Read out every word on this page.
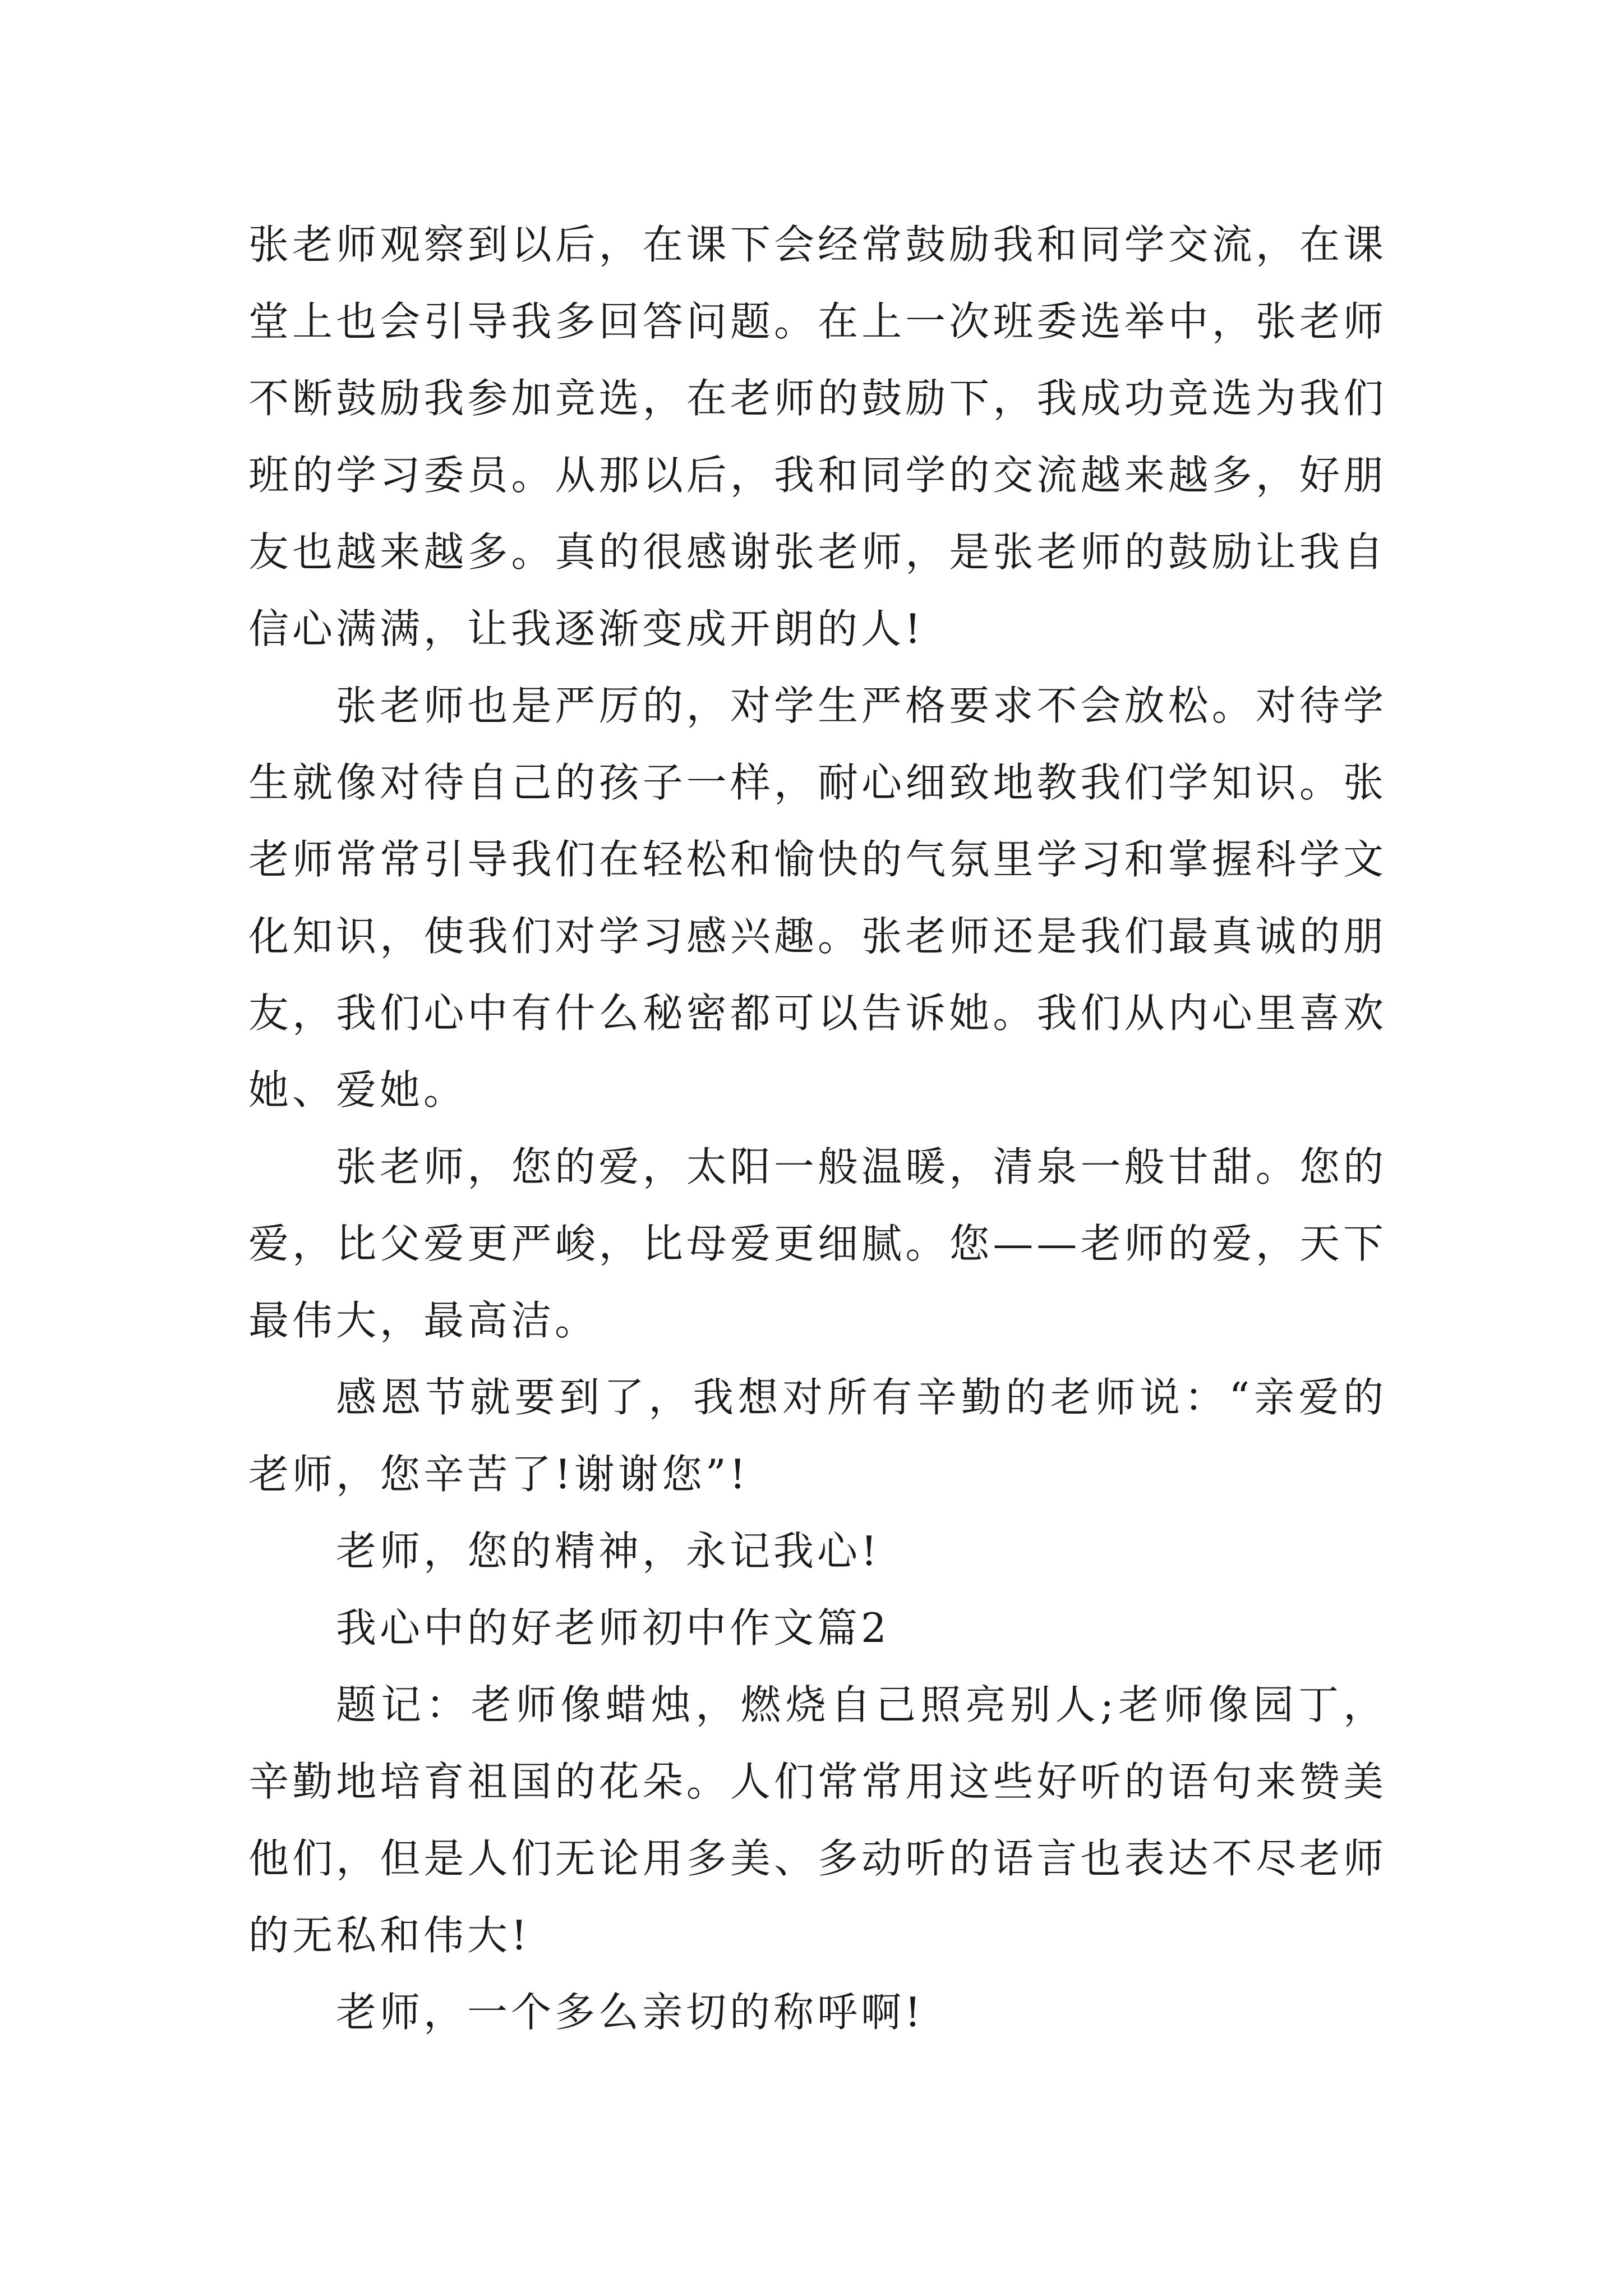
张老师观察到以后，在课下会经常鼓励我和同学交流，在课堂上也会引导我多回答问题。在上一次班委选举中，张老师不断鼓励我参加竞选，在老师的鼓励下，我成功竞选为我们班的学习委员。从那以后，我和同学的交流越来越多，好朋友也越来越多。真的很感谢张老师，是张老师的鼓励让我自信心满满，让我逐渐变成开朗的人!

张老师也是严厉的，对学生严格要求不会放松。对待学生就像对待自己的孩子一样，耐心细致地教我们学知识。张老师常常引导我们在轻松和愉快的气氛里学习和掌握科学文化知识，使我们对学习感兴趣。张老师还是我们最真诚的朋友，我们心中有什么秘密都可以告诉她。我们从内心里喜欢她、爱她。

张老师，您的爱，太阳一般温暖，清泉一般甘甜。您的爱，比父爱更严峻，比母爱更细腻。您——老师的爱，天下最伟大，最高洁。

感恩节就要到了，我想对所有辛勤的老师说：“亲爱的老师，您辛苦了!谢谢您”!

老师，您的精神，永记我心!

我心中的好老师初中作文篇2

题记：老师像蜡烛，燃烧自己照亮别人;老师像园丁，辛勤地培育祖国的花朵。人们常常用这些好听的语句来赞美他们，但是人们无论用多美、多动听的语言也表达不尽老师的无私和伟大!

老师，一个多么亲切的称呼啊!
